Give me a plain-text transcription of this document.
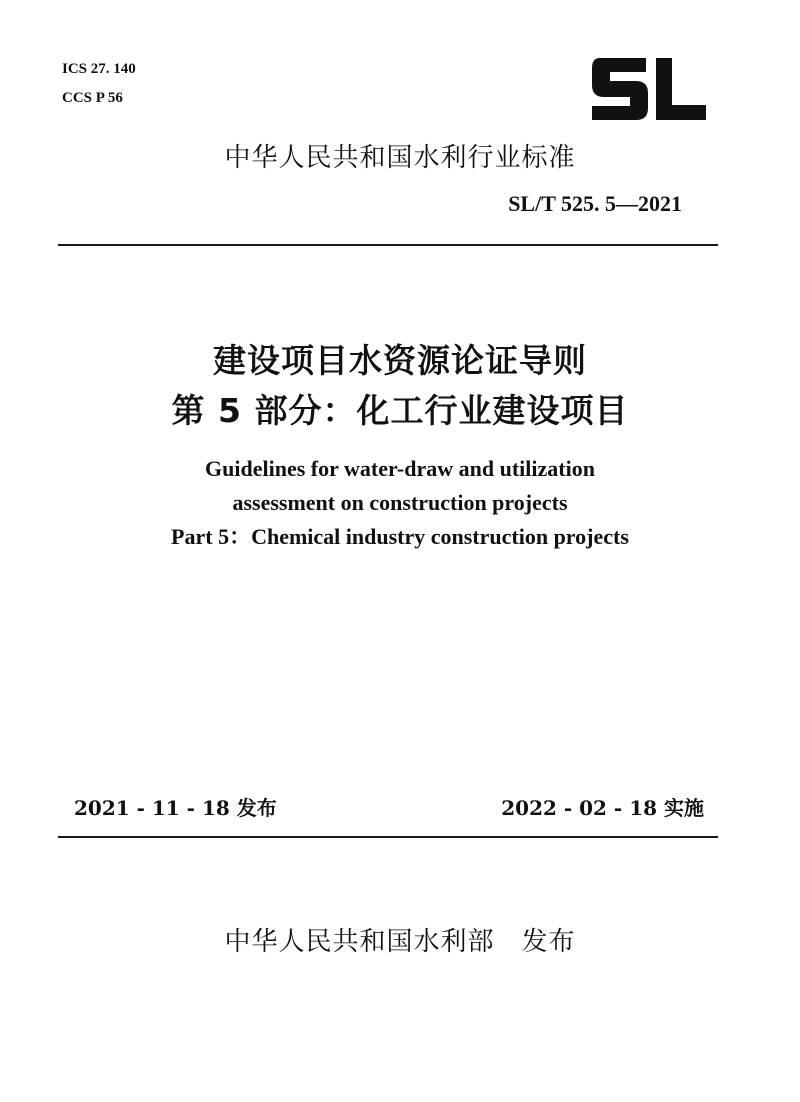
ICS 27. 140
CCS P 56
中华人民共和国水利行业标准
SL/T 525. 5—2021
建设项目水资源论证导则
第 5 部分：化工行业建设项目
Guidelines for water-draw and utilization
assessment on construction projects
Part 5：Chemical industry construction projects
2021 - 11 - 18 发布	2022 - 02 - 18 实施
中华人民共和国水利部　发布
